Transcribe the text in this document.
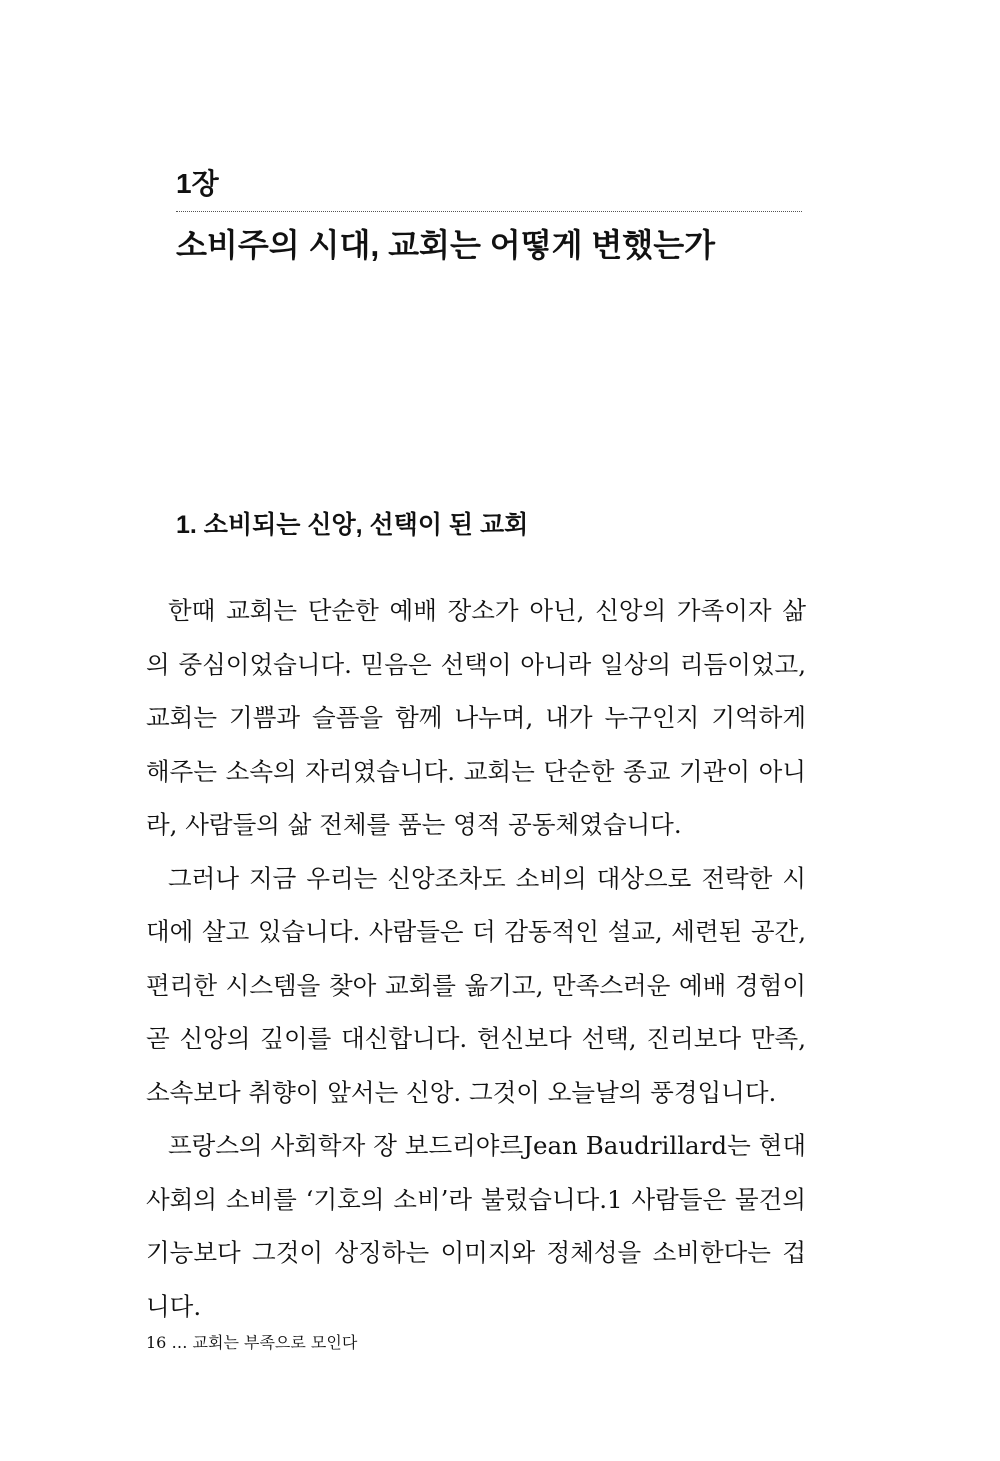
1장
소비주의 시대, 교회는 어떻게 변했는가
1. 소비되는 신앙, 선택이 된 교회

한때 교회는 단순한 예배 장소가 아닌, 신앙의 가족이자 삶의 중심이었습니다. 믿음은 선택이 아니라 일상의 리듬이었고, 교회는 기쁨과 슬픔을 함께 나누며, 내가 누구인지 기억하게 해주는 소속의 자리였습니다. 교회는 단순한 종교 기관이 아니라, 사람들의 삶 전체를 품는 영적 공동체였습니다.

그러나 지금 우리는 신앙조차도 소비의 대상으로 전락한 시대에 살고 있습니다. 사람들은 더 감동적인 설교, 세련된 공간, 편리한 시스템을 찾아 교회를 옮기고, 만족스러운 예배 경험이 곧 신앙의 깊이를 대신합니다. 헌신보다 선택, 진리보다 만족, 소속보다 취향이 앞서는 신앙. 그것이 오늘날의 풍경입니다.

프랑스의 사회학자 장 보드리야르Jean Baudrillard는 현대 사회의 소비를 ‘기호의 소비’라 불렀습니다.1 사람들은 물건의 기능보다 그것이 상징하는 이미지와 정체성을 소비한다는 겁니다.

16 … 교회는 부족으로 모인다
